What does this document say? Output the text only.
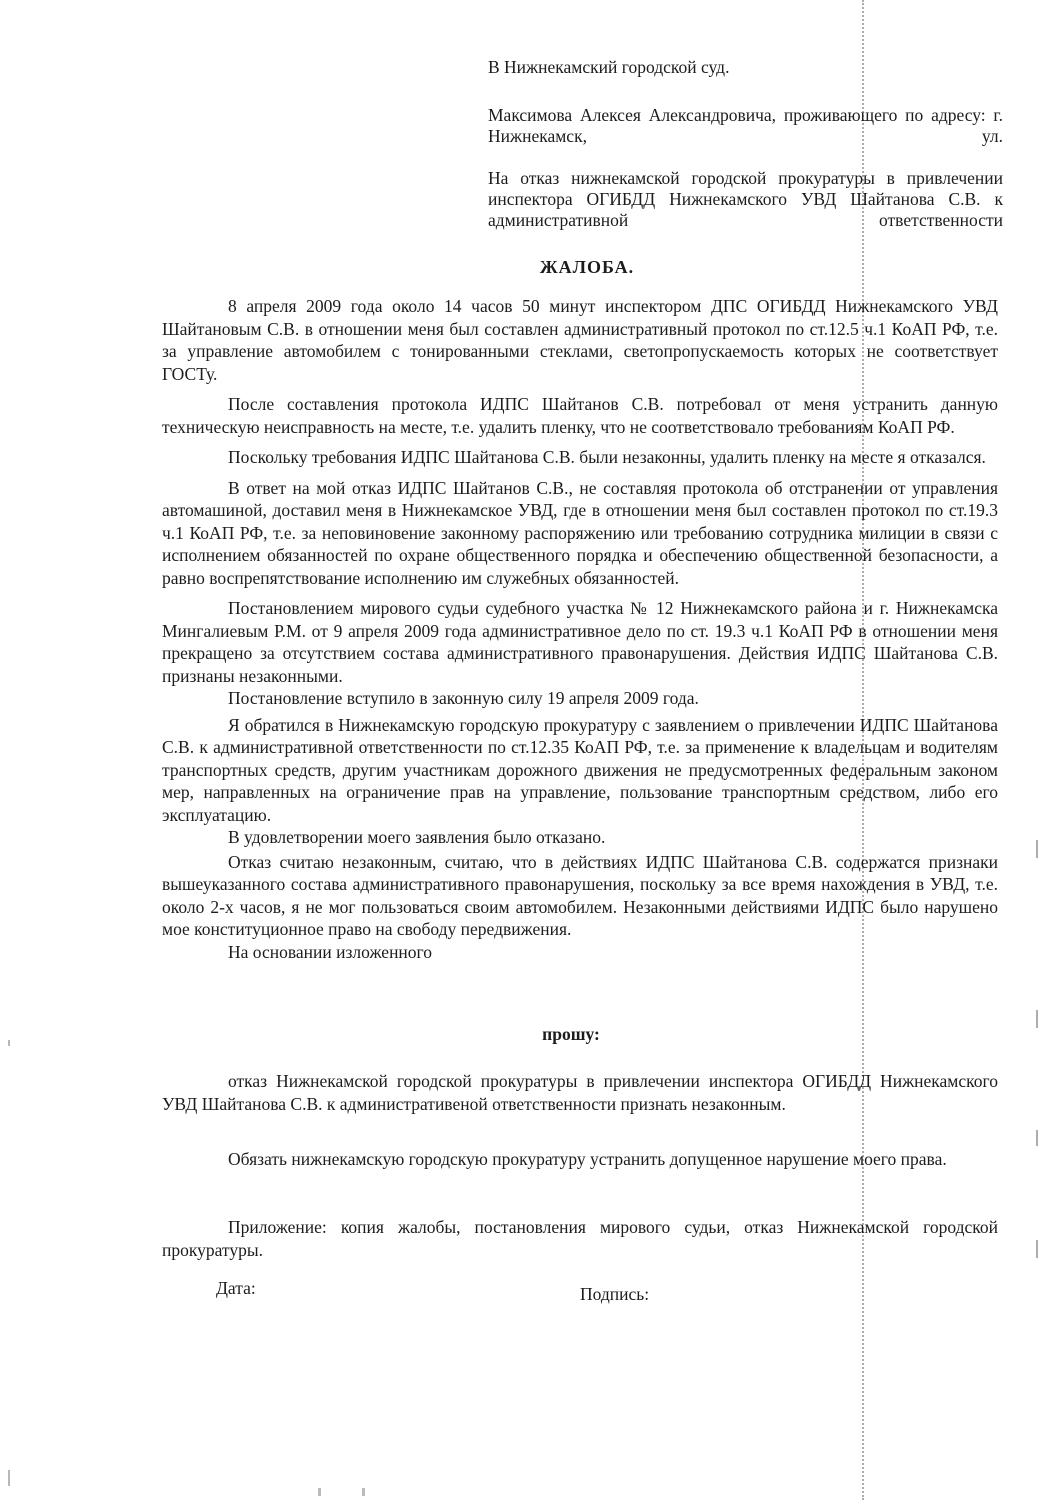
В Нижнекамский городской суд.
Максимова Алексея Александровича, проживающего по адресу: г. Нижнекамск, ул.
На отказ нижнекамской городской прокуратуры в привлечении инспектора ОГИБДД Нижнекамского УВД Шайтанова С.В. к административной ответственности
ЖАЛОБА.

8 апреля 2009 года около 14 часов 50 минут инспектором ДПС ОГИБДД Нижнекамского УВД Шайтановым С.В. в отношении меня был составлен административный протокол по ст.12.5 ч.1 КоАП РФ, т.е. за управление автомобилем с тонированными стеклами, светопропускаемость которых не соответствует ГОСТу.

После составления протокола ИДПС Шайтанов С.В. потребовал от меня устранить данную техническую неисправность на месте, т.е. удалить пленку, что не соответствовало требованиям КоАП РФ.

Поскольку требования ИДПС Шайтанова С.В. были незаконны, удалить пленку на месте я отказался.

В ответ на мой отказ ИДПС Шайтанов С.В., не составляя протокола об отстранении от управления автомашиной, доставил меня в Нижнекамское УВД, где в отношении меня был составлен протокол по ст.19.3 ч.1 КоАП РФ, т.е. за неповиновение законному распоряжению или требованию сотрудника милиции в связи с исполнением обязанностей по охране общественного порядка и обеспечению общественной безопасности, а равно воспрепятствование исполнению им служебных обязанностей.

Постановлением мирового судьи судебного участка № 12 Нижнекамского района и г. Нижнекамска Мингалиевым Р.М. от 9 апреля 2009 года административное дело по ст. 19.3 ч.1 КоАП РФ в отношении меня прекращено за отсутствием состава административного правонарушения. Действия ИДПС Шайтанова С.В. признаны незаконными.

Постановление вступило в законную силу 19 апреля 2009 года.

Я обратился в Нижнекамскую городскую прокуратуру с заявлением о привлечении ИДПС Шайтанова С.В. к административной ответственности по ст.12.35 КоАП РФ, т.е. за применение к владельцам и водителям транспортных средств, другим участникам дорожного движения не предусмотренных федеральным законом мер, направленных на ограничение прав на управление, пользование транспортным средством, либо его эксплуатацию.

В удовлетворении моего заявления было отказано.

Отказ считаю незаконным, считаю, что в действиях ИДПС Шайтанова С.В. содержатся признаки вышеуказанного состава административного правонарушения, поскольку за все время нахождения в УВД, т.е. около 2-х часов, я не мог пользоваться своим автомобилем. Незаконными действиями ИДПС было нарушено мое конституционное право на свободу передвижения.

На основании изложенного

прошу:

отказ Нижнекамской городской прокуратуры в привлечении инспектора ОГИБДД Нижнекамского УВД Шайтанова С.В. к административеной ответственности признать незаконным.

Обязать нижнекамскую городскую прокуратуру устранить допущенное нарушение моего права.

Приложение: копия жалобы, постановления мирового судьи, отказ Нижнекамской городской прокуратуры.

Дата:	Подпись:
